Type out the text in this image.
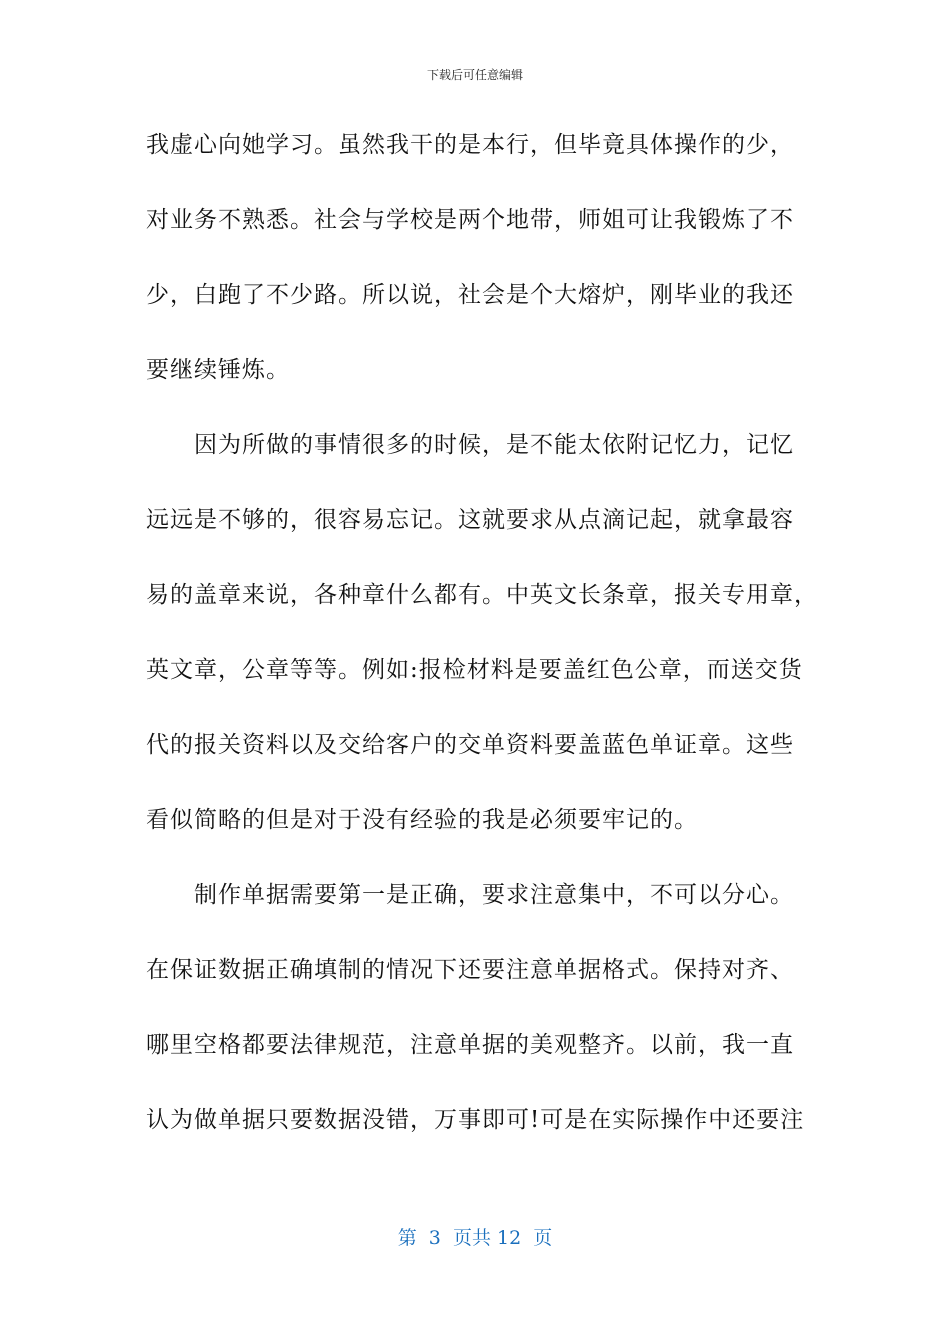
下载后可任意编辑
我虚心向她学习。虽然我干的是本行，但毕竟具体操作的少，
对业务不熟悉。社会与学校是两个地带，师姐可让我锻炼了不
少，白跑了不少路。所以说，社会是个大熔炉，刚毕业的我还
要继续锤炼。
　　因为所做的事情很多的时候，是不能太依附记忆力，记忆
远远是不够的，很容易忘记。这就要求从点滴记起，就拿最容
易的盖章来说，各种章什么都有。中英文长条章，报关专用章，
英文章，公章等等。例如:报检材料是要盖红色公章，而送交货
代的报关资料以及交给客户的交单资料要盖蓝色单证章。这些
看似简略的但是对于没有经验的我是必须要牢记的。
　　制作单据需要第一是正确，要求注意集中，不可以分心。
在保证数据正确填制的情况下还要注意单据格式。保持对齐、
哪里空格都要法律规范，注意单据的美观整齐。以前，我一直
认为做单据只要数据没错，万事即可!可是在实际操作中还要注
第  3  页共 12  页
